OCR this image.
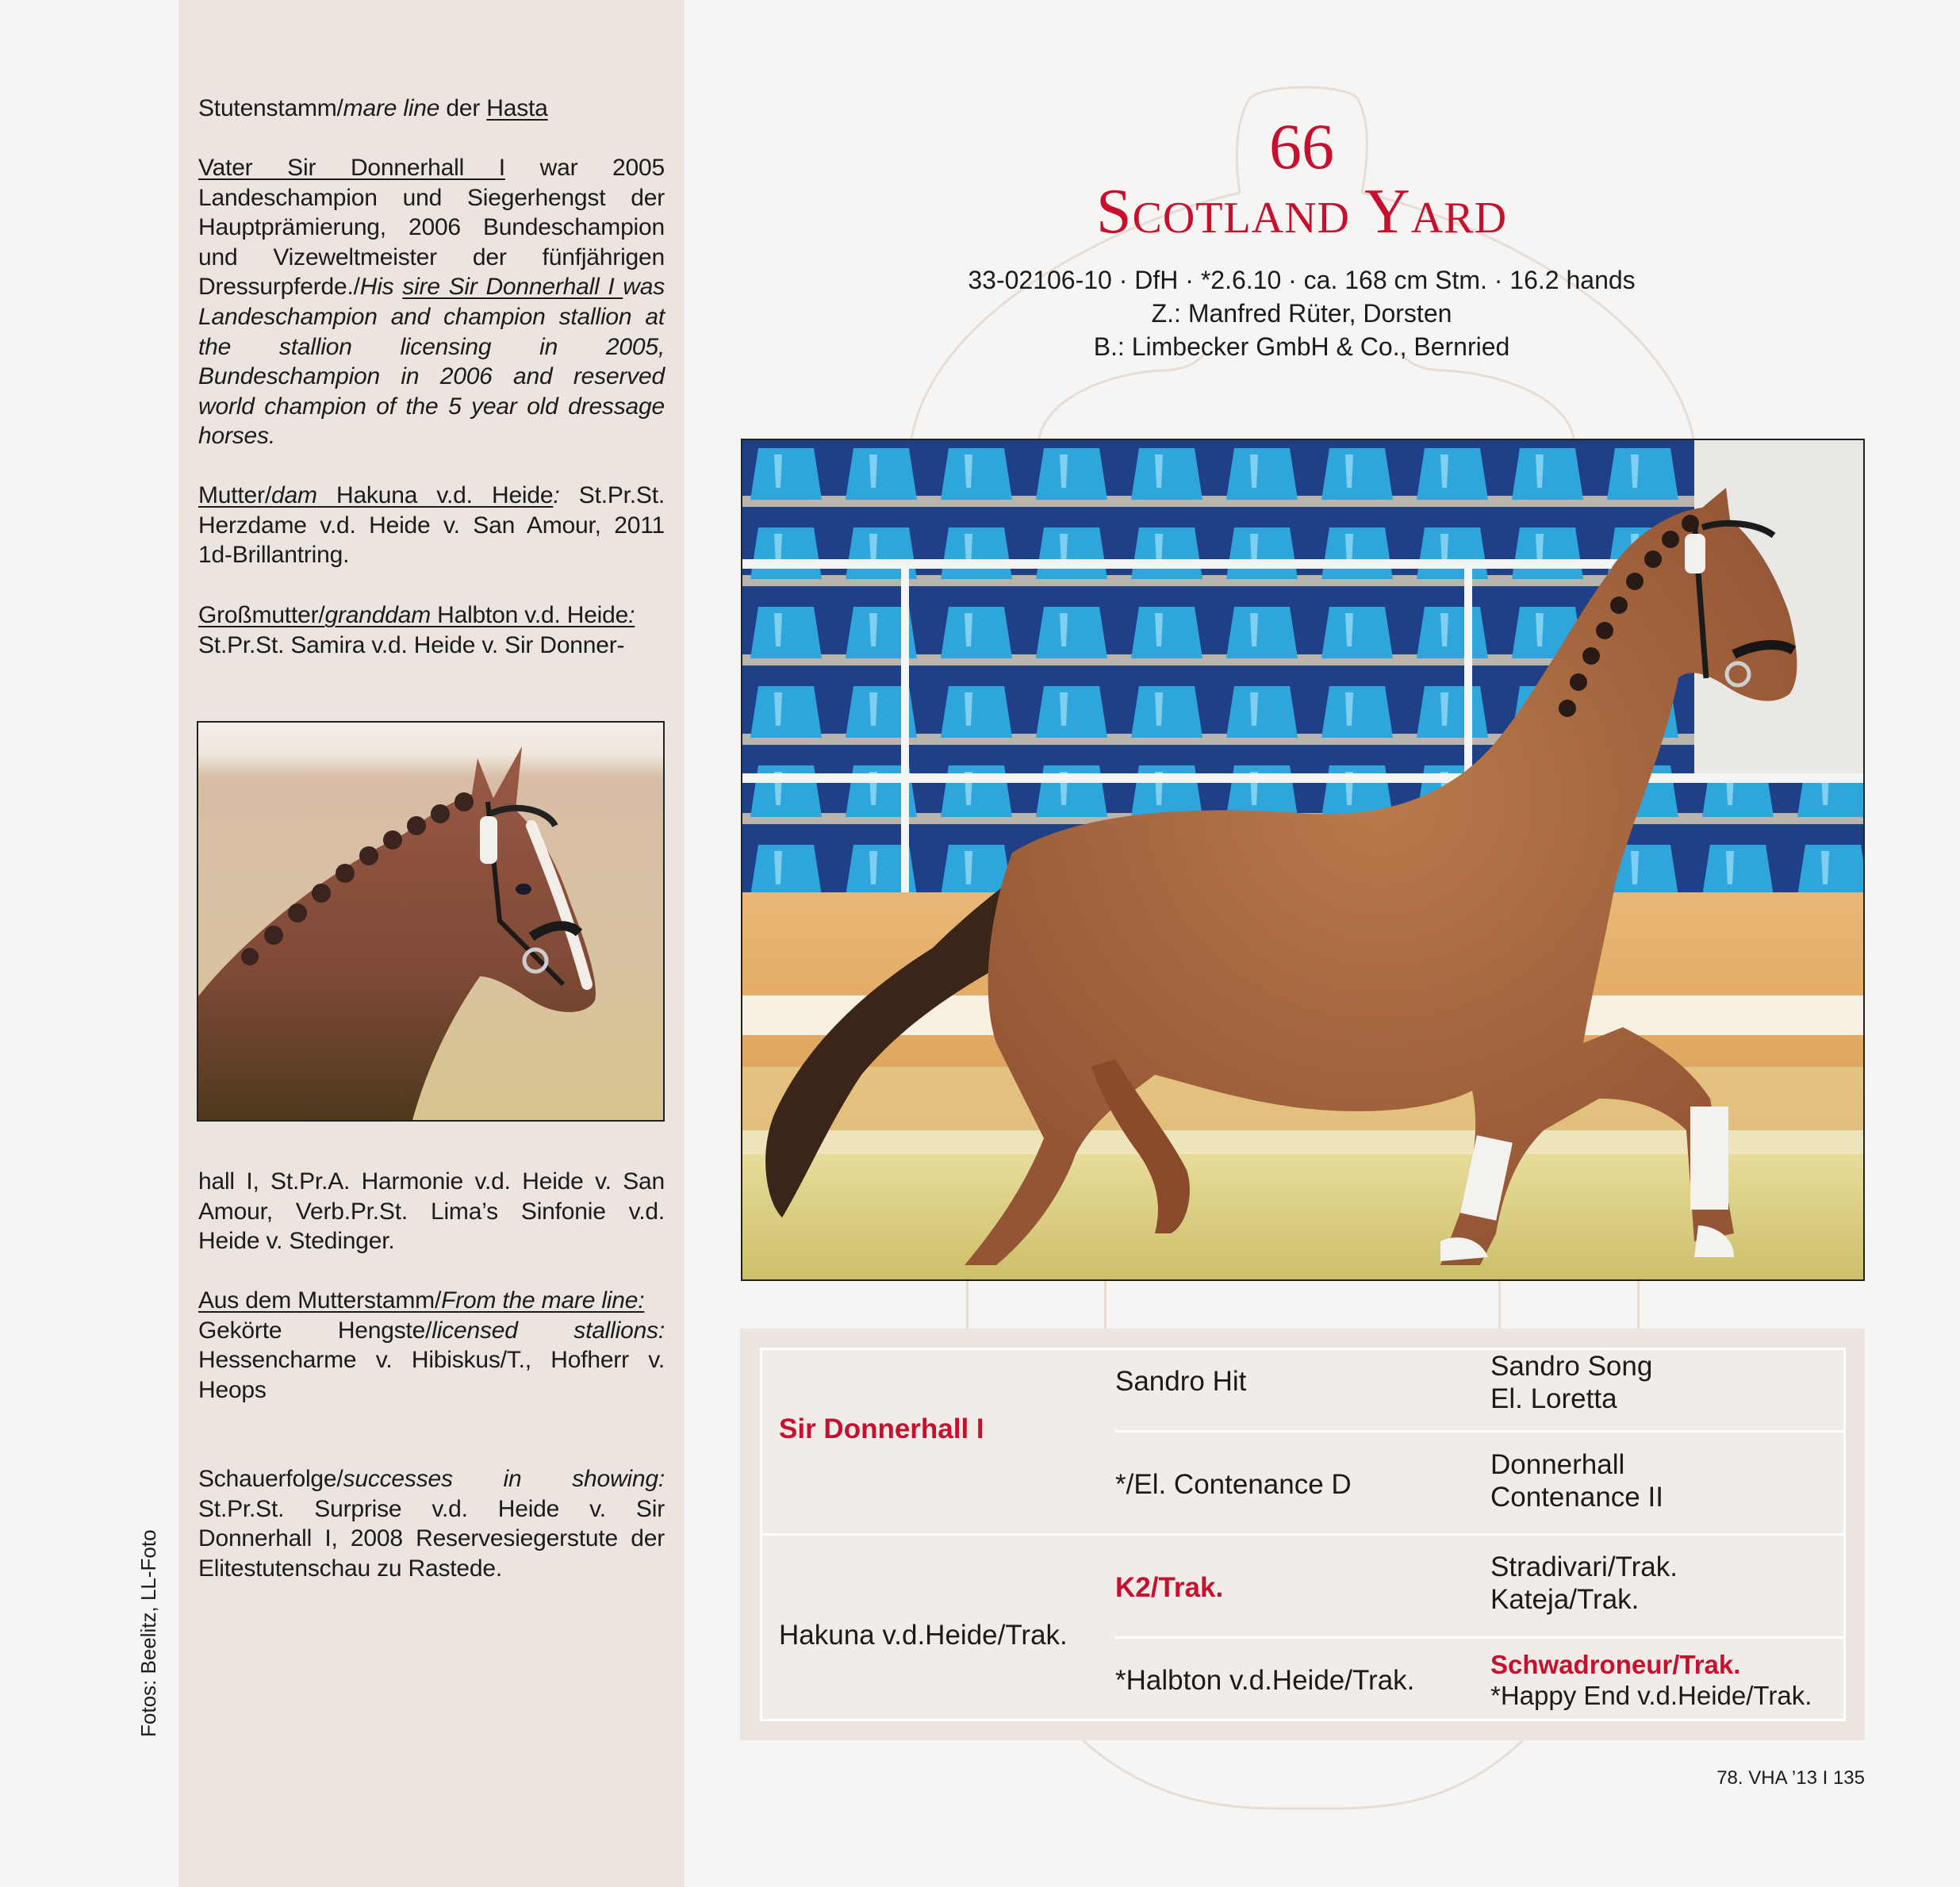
Fotos: Beelitz, LL-Foto
Stutenstamm/mare line der Hasta
Vater Sir Donnerhall I war 2005 Landeschampion und Siegerhengst der Hauptprämierung, 2006 Bundeschampion und Vizeweltmeister der fünfjährigen Dressurpferde./His sire Sir Donnerhall I was Landeschampion and champion stallion at the stallion licensing in 2005, Bundeschampion in 2006 and reserved world champion of the 5 year old dressage horses.
Mutter/dam Hakuna v.d. Heide: St.Pr.St. Herzdame v.d. Heide v. San Amour, 2011 1d-Brillantring.
Großmutter/granddam Halbton v.d. Heide:
St.Pr.St. Samira v.d. Heide v. Sir Donner-
hall I, St.Pr.A. Harmonie v.d. Heide v. San Amour, Verb.Pr.St. Lima’s Sinfonie v.d. Heide v. Stedinger.
Aus dem Mutterstamm/From the mare line:
Gekörte Hengste/licensed stallions: Hessencharme v. Hibiskus/T., Hofherr v. Heops
Schauerfolge/successes in showing: St.Pr.St. Surprise v.d. Heide v. Sir Donnerhall I, 2008 Reservesiegerstute der Elitestutenschau zu Rastede.
66
Scotland Yard
33-02106-10 · DfH · *2.6.10 · ca. 168 cm Stm. · 16.2 hands
Z.: Manfred Rüter, Dorsten
B.: Limbecker GmbH & Co., Bernried
Sir Donnerhall I
Hakuna v.d.Heide/Trak.
Sandro Hit
*/El. Contenance D
K2/Trak.
*Halbton v.d.Heide/Trak.
Sandro Song
El. Loretta
Donnerhall
Contenance II
Stradivari/Trak.
Kateja/Trak.
Schwadroneur/Trak.
*Happy End v.d.Heide/Trak.
78. VHA ’13 I 135
